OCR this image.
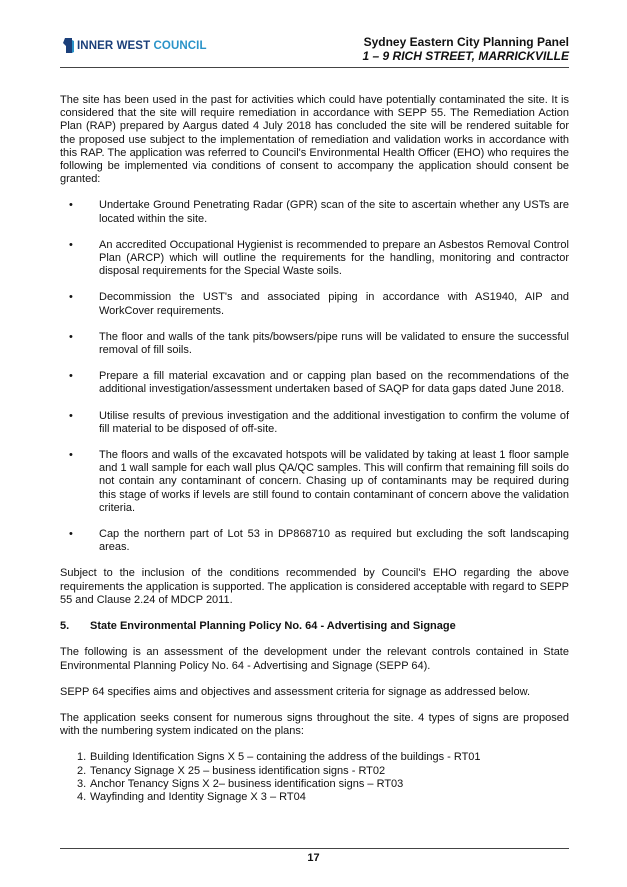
INNER WEST COUNCIL	Sydney Eastern City Planning Panel
1 – 9 RICH STREET, MARRICKVILLE

The site has been used in the past for activities which could have potentially contaminated the site. It is considered that the site will require remediation in accordance with SEPP 55. The Remediation Action Plan (RAP) prepared by Aargus dated 4 July 2018 has concluded the site will be rendered suitable for the proposed use subject to the implementation of remediation and validation works in accordance with this RAP. The application was referred to Council's Environmental Health Officer (EHO) who requires the following be implemented via conditions of consent to accompany the application should consent be granted:

• Undertake Ground Penetrating Radar (GPR) scan of the site to ascertain whether any USTs are located within the site.
• An accredited Occupational Hygienist is recommended to prepare an Asbestos Removal Control Plan (ARCP) which will outline the requirements for the handling, monitoring and contractor disposal requirements for the Special Waste soils.
• Decommission the UST's and associated piping in accordance with AS1940, AIP and WorkCover requirements.
• The floor and walls of the tank pits/bowsers/pipe runs will be validated to ensure the successful removal of fill soils.
• Prepare a fill material excavation and or capping plan based on the recommendations of the additional investigation/assessment undertaken based of SAQP for data gaps dated June 2018.
• Utilise results of previous investigation and the additional investigation to confirm the volume of fill material to be disposed of off-site.
• The floors and walls of the excavated hotspots will be validated by taking at least 1 floor sample and 1 wall sample for each wall plus QA/QC samples. This will confirm that remaining fill soils do not contain any contaminant of concern. Chasing up of contaminants may be required during this stage of works if levels are still found to contain contaminant of concern above the validation criteria.
• Cap the northern part of Lot 53 in DP868710 as required but excluding the soft landscaping areas.

Subject to the inclusion of the conditions recommended by Council's EHO regarding the above requirements the application is supported. The application is considered acceptable with regard to SEPP 55 and Clause 2.24 of MDCP 2011.

5.	State Environmental Planning Policy No. 64 - Advertising and Signage

The following is an assessment of the development under the relevant controls contained in State Environmental Planning Policy No. 64 - Advertising and Signage (SEPP 64).

SEPP 64 specifies aims and objectives and assessment criteria for signage as addressed below.

The application seeks consent for numerous signs throughout the site. 4 types of signs are proposed with the numbering system indicated on the plans:

1. Building Identification Signs X 5 – containing the address of the buildings - RT01
2. Tenancy Signage X 25 – business identification signs - RT02
3. Anchor Tenancy Signs X 2– business identification signs – RT03
4. Wayfinding and Identity Signage X 3 – RT04
17
